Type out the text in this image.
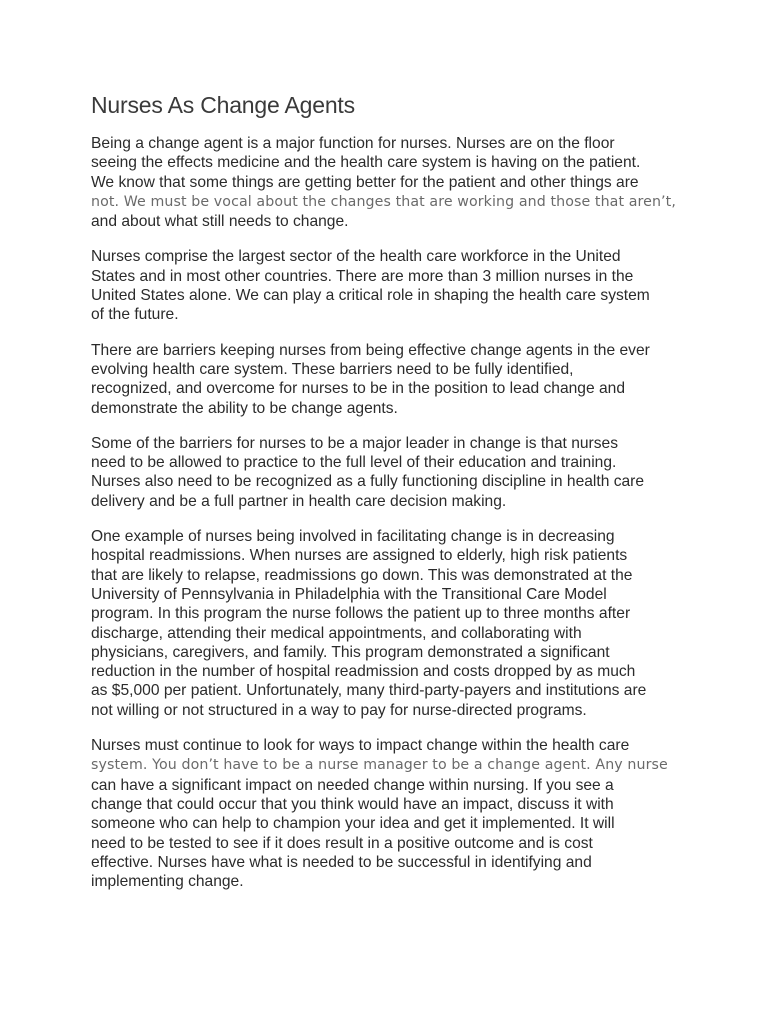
Nurses As Change Agents
Being a change agent is a major function for nurses. Nurses are on the floor
seeing the effects medicine and the health care system is having on the patient.
We know that some things are getting better for the patient and other things are
not. We must be vocal about the changes that are working and those that aren’t,
and about what still needs to change.
Nurses comprise the largest sector of the health care workforce in the United
States and in most other countries. There are more than 3 million nurses in the
United States alone. We can play a critical role in shaping the health care system
of the future.
There are barriers keeping nurses from being effective change agents in the ever
evolving health care system. These barriers need to be fully identified,
recognized, and overcome for nurses to be in the position to lead change and
demonstrate the ability to be change agents.
Some of the barriers for nurses to be a major leader in change is that nurses
need to be allowed to practice to the full level of their education and training.
Nurses also need to be recognized as a fully functioning discipline in health care
delivery and be a full partner in health care decision making.
One example of nurses being involved in facilitating change is in decreasing
hospital readmissions. When nurses are assigned to elderly, high risk patients
that are likely to relapse, readmissions go down. This was demonstrated at the
University of Pennsylvania in Philadelphia with the Transitional Care Model
program. In this program the nurse follows the patient up to three months after
discharge, attending their medical appointments, and collaborating with
physicians, caregivers, and family. This program demonstrated a significant
reduction in the number of hospital readmission and costs dropped by as much
as $5,000 per patient. Unfortunately, many third-party-payers and institutions are
not willing or not structured in a way to pay for nurse-directed programs.
Nurses must continue to look for ways to impact change within the health care
system. You don’t have to be a nurse manager to be a change agent. Any nurse
can have a significant impact on needed change within nursing. If you see a
change that could occur that you think would have an impact, discuss it with
someone who can help to champion your idea and get it implemented. It will
need to be tested to see if it does result in a positive outcome and is cost
effective. Nurses have what is needed to be successful in identifying and
implementing change.
